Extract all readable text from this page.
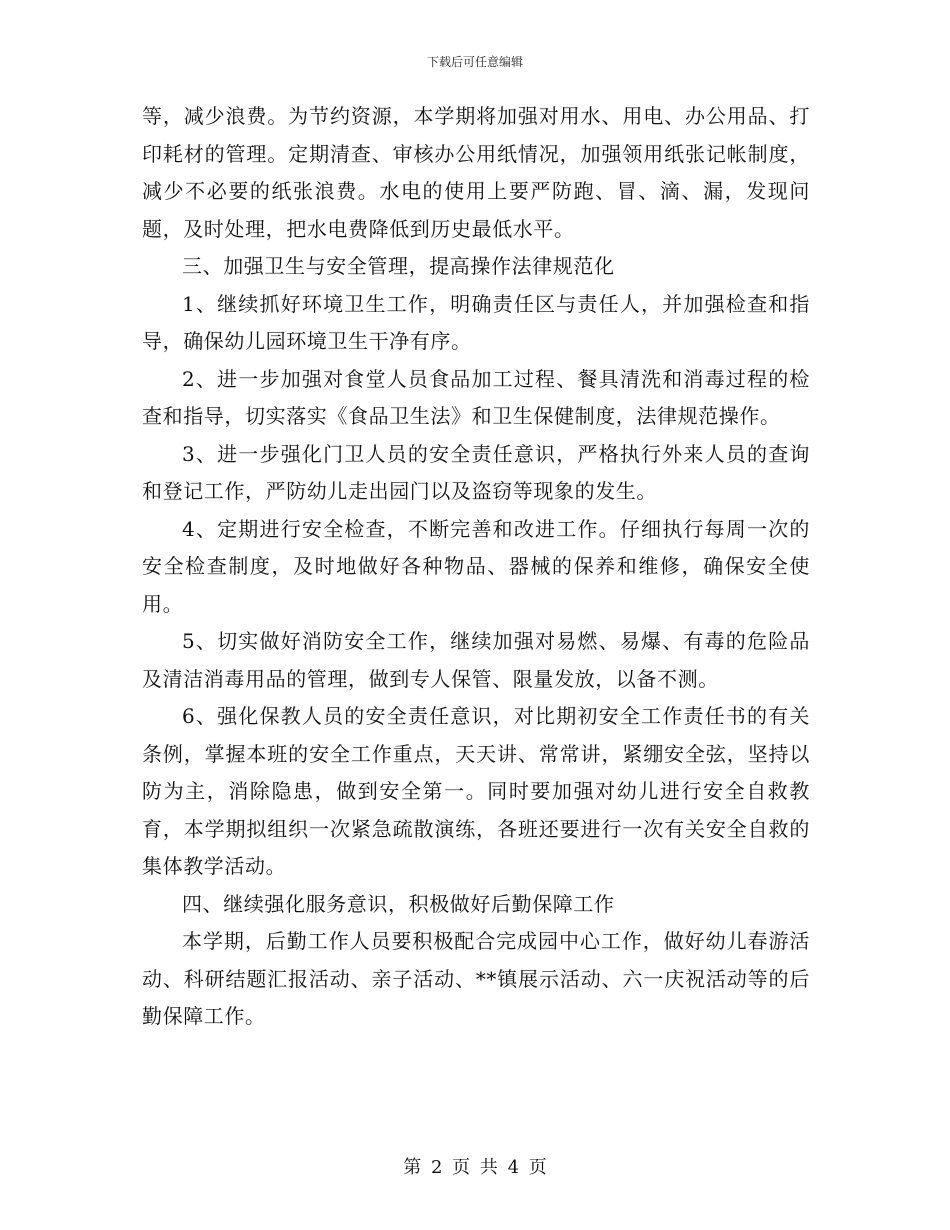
下载后可任意编辑

等，减少浪费。为节约资源，本学期将加强对用水、用电、办公用品、打印耗材的管理。定期清查、审核办公用纸情况，加强领用纸张记帐制度，减少不必要的纸张浪费。水电的使用上要严防跑、冒、滴、漏，发现问题，及时处理，把水电费降低到历史最低水平。

三、加强卫生与安全管理，提高操作法律规范化

1、继续抓好环境卫生工作，明确责任区与责任人，并加强检查和指导，确保幼儿园环境卫生干净有序。

2、进一步加强对食堂人员食品加工过程、餐具清洗和消毒过程的检查和指导，切实落实《食品卫生法》和卫生保健制度，法律规范操作。

3、进一步强化门卫人员的安全责任意识，严格执行外来人员的查询和登记工作，严防幼儿走出园门以及盗窃等现象的发生。

4、定期进行安全检查，不断完善和改进工作。仔细执行每周一次的安全检查制度，及时地做好各种物品、器械的保养和维修，确保安全使用。

5、切实做好消防安全工作，继续加强对易燃、易爆、有毒的危险品及清洁消毒用品的管理，做到专人保管、限量发放，以备不测。

6、强化保教人员的安全责任意识，对比期初安全工作责任书的有关条例，掌握本班的安全工作重点，天天讲、常常讲，紧绷安全弦，坚持以防为主，消除隐患，做到安全第一。同时要加强对幼儿进行安全自救教育，本学期拟组织一次紧急疏散演练，各班还要进行一次有关安全自救的集体教学活动。

四、继续强化服务意识，积极做好后勤保障工作

本学期，后勤工作人员要积极配合完成园中心工作，做好幼儿春游活动、科研结题汇报活动、亲子活动、**镇展示活动、六一庆祝活动等的后勤保障工作。

第 2 页 共 4 页
